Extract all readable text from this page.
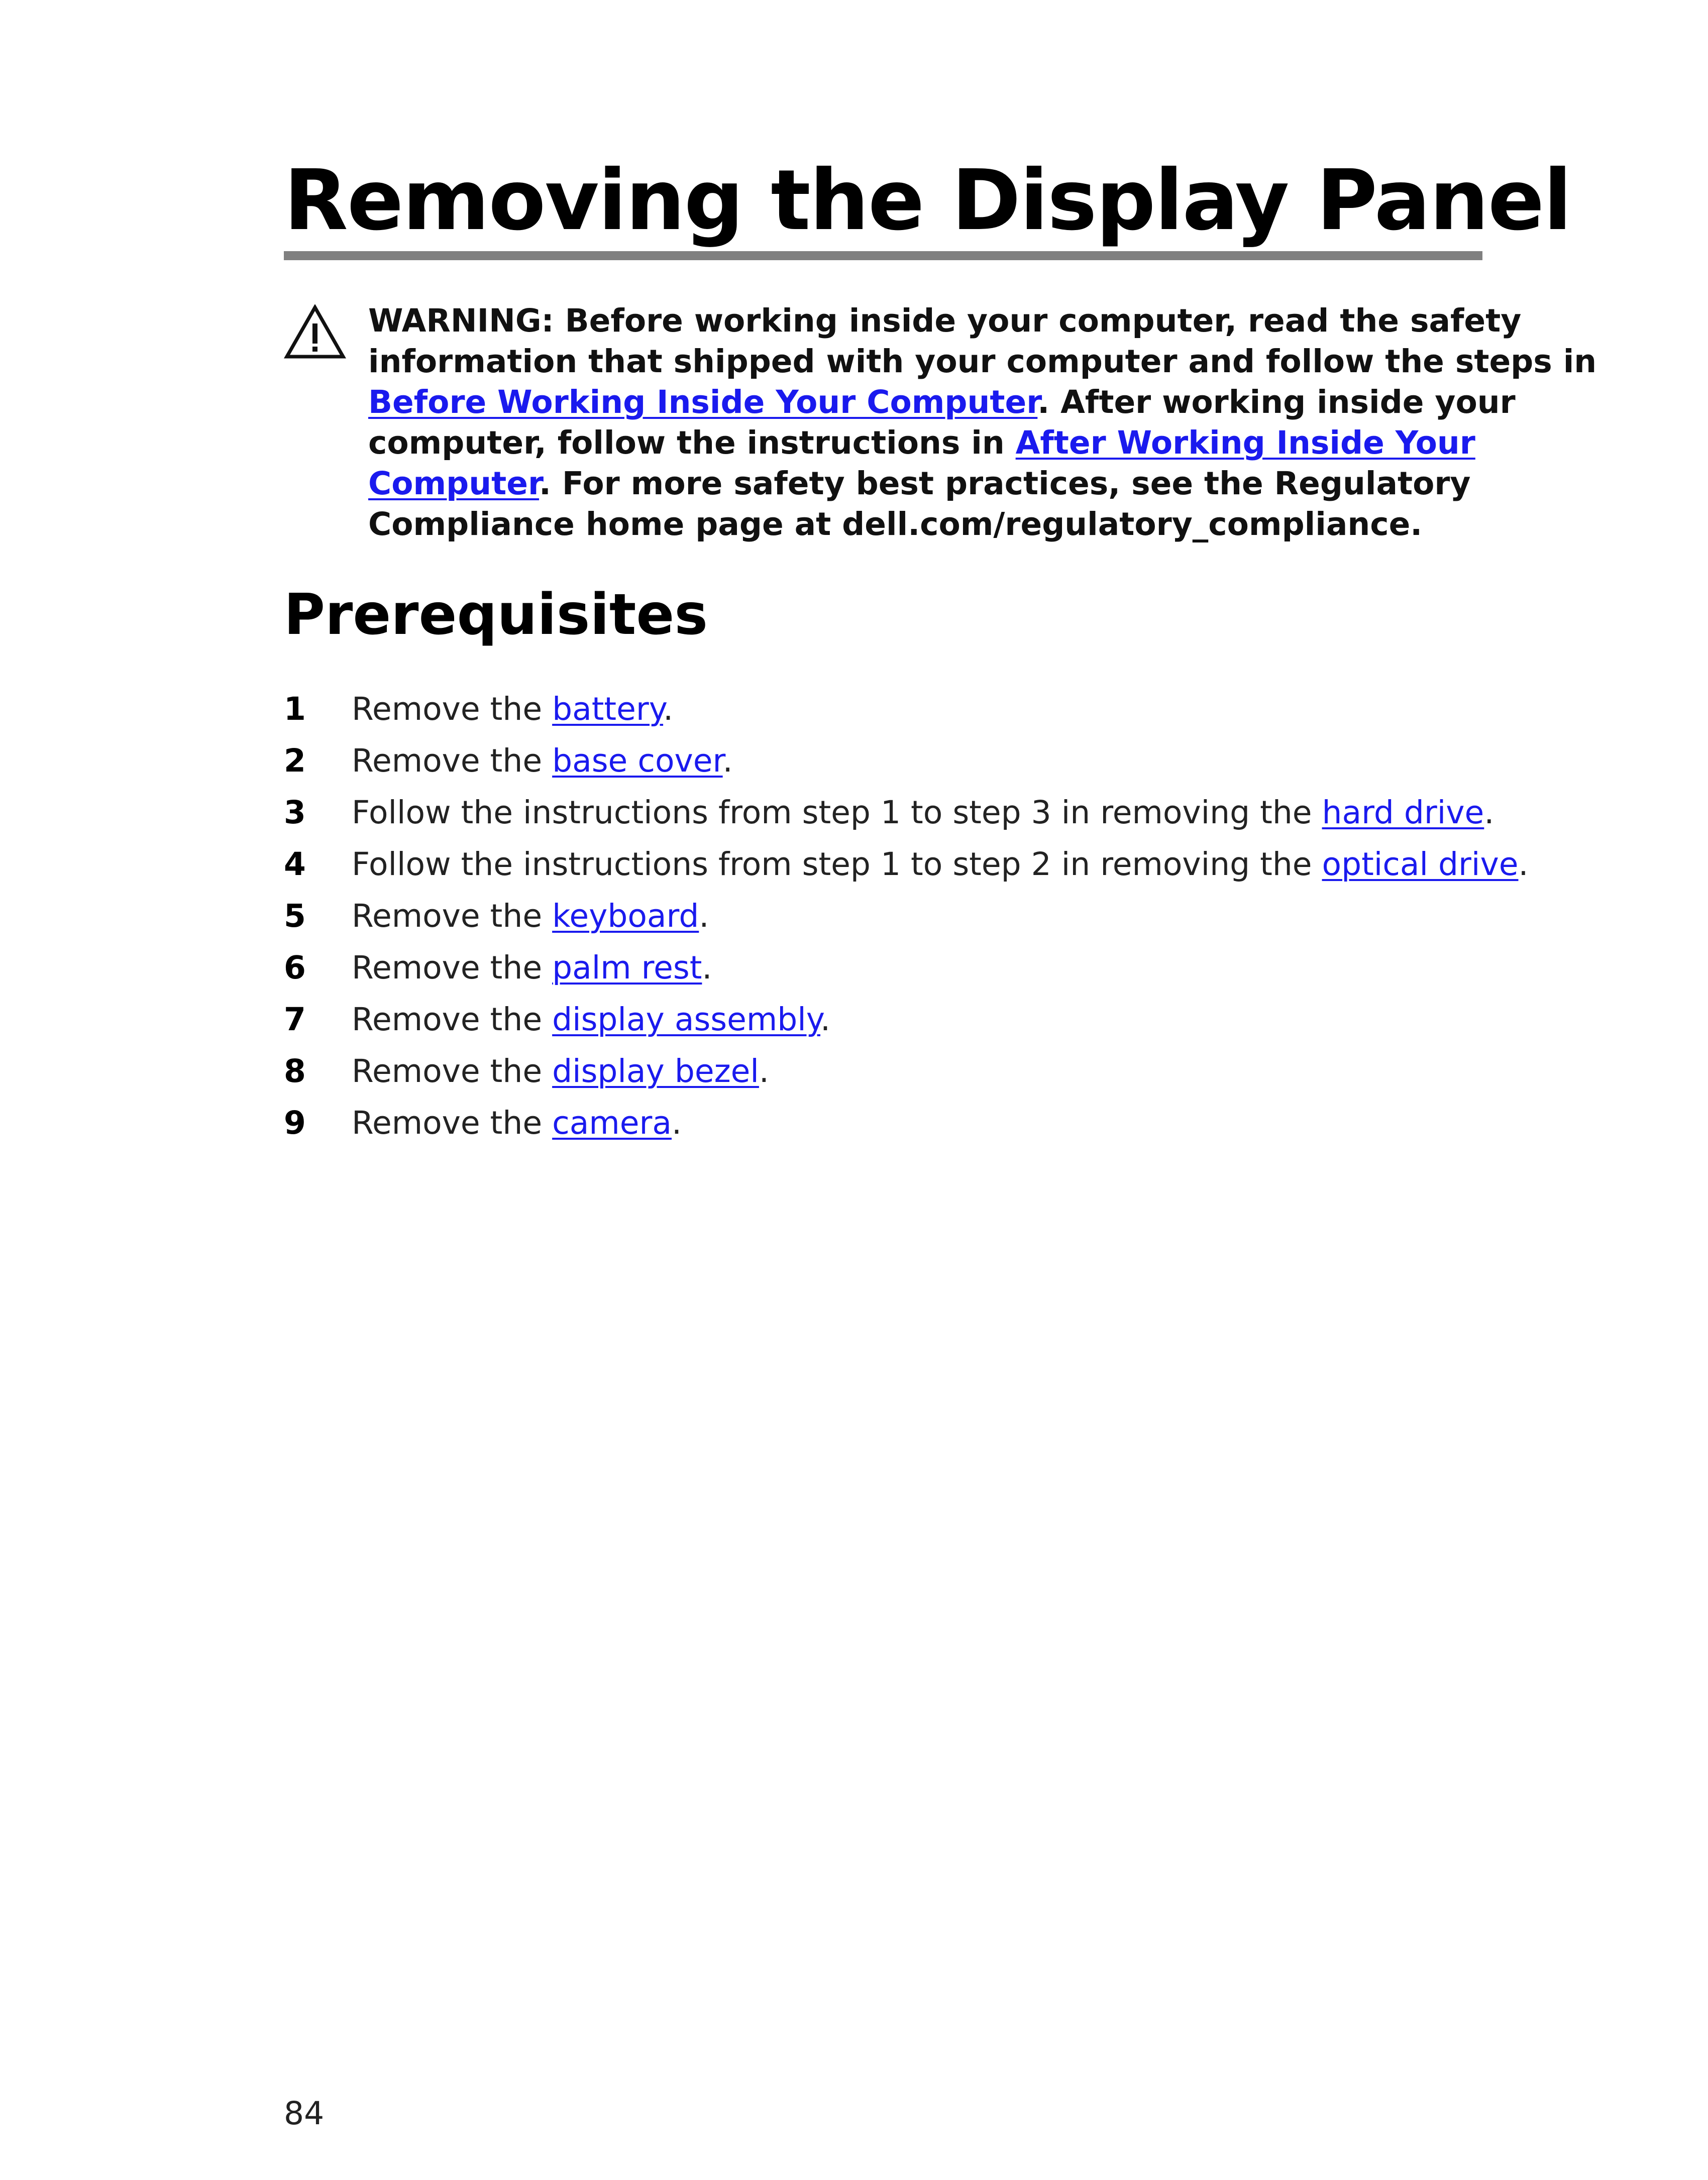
Removing the Display Panel
WARNING: Before working inside your computer, read the safety
information that shipped with your computer and follow the steps in
Before Working Inside Your Computer. After working inside your
computer, follow the instructions in After Working Inside Your
Computer. For more safety best practices, see the Regulatory
Compliance home page at dell.com/regulatory_compliance.
Prerequisites
1 Remove the battery.
2 Remove the base cover.
3 Follow the instructions from step 1 to step 3 in removing the hard drive.
4 Follow the instructions from step 1 to step 2 in removing the optical drive.
5 Remove the keyboard.
6 Remove the palm rest.
7 Remove the display assembly.
8 Remove the display bezel.
9 Remove the camera.
84
